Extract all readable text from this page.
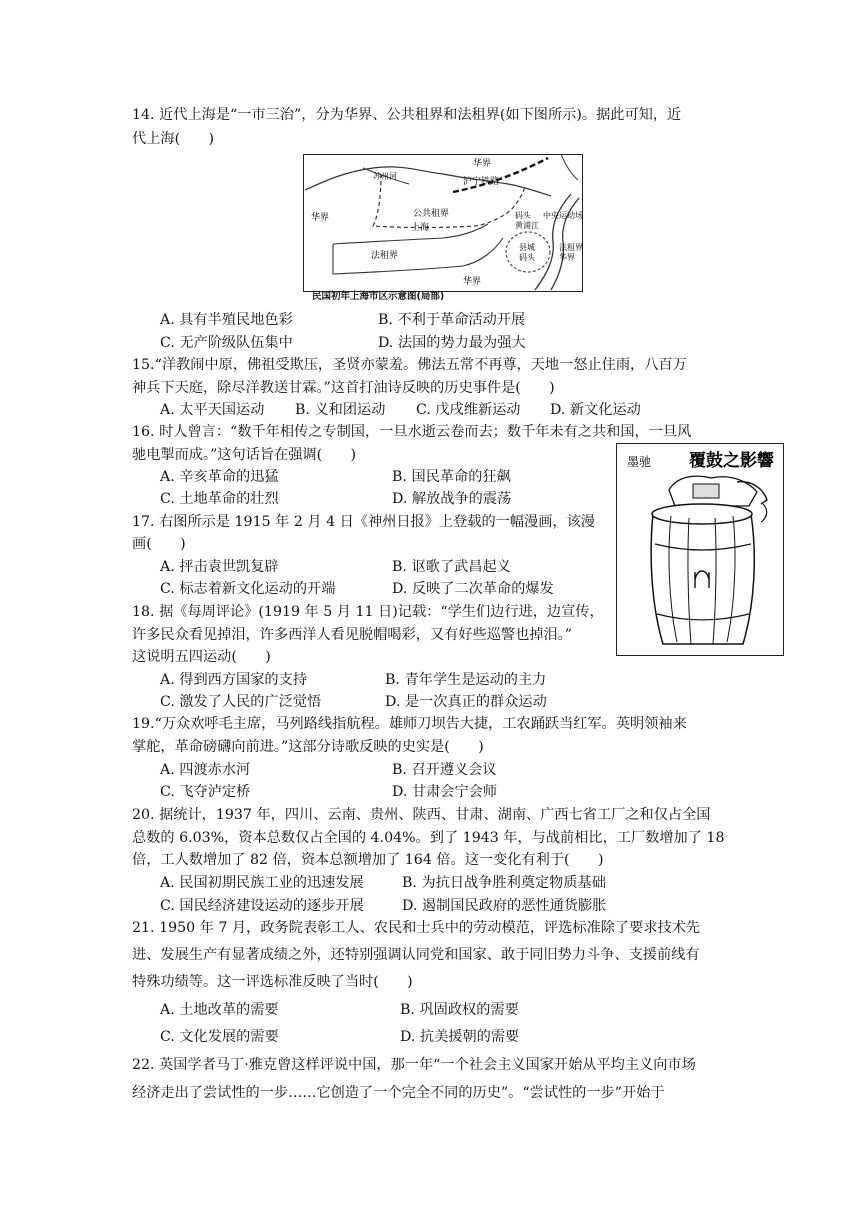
14. 近代上海是“一市三治”，分为华界、公共租界和法租界(如下图所示)。据此可知，近
代上海(　　)
华界
苏州河
沪宁铁路
华界	公共租界	码头
黄浦江
中央运动场
上海
县城
码头
法租界
华界
法租界
华界
民国初年上海市区示意图(局部)
A. 具有半殖民地色彩	B. 不利于革命活动开展
C. 无产阶级队伍集中	D. 法国的势力最为强大
15.“洋教闹中原，佛祖受欺压，圣贤亦蒙羞。佛法五常不再尊，天地一怒止住雨，八百万
神兵下天庭，除尽洋教送甘霖。”这首打油诗反映的历史事件是(　　)
A. 太平天国运动 B. 义和团运动 C. 戊戌维新运动 D. 新文化运动
16. 时人曾言：“数千年相传之专制国，一旦水逝云卷而去；数千年未有之共和国，一旦风
驰电掣而成。”这句话旨在强调(　　)
A. 辛亥革命的迅猛	B. 国民革命的狂飙
C. 土地革命的壮烈	D. 解放战争的震荡
覆鼓之影響
墨驰
17. 右图所示是 1915 年 2 月 4 日《神州日报》上登载的一幅漫画，该漫
画(　　)
A. 抨击袁世凯复辟	B. 讴歌了武昌起义
C. 标志着新文化运动的开端	D. 反映了二次革命的爆发
18. 据《每周评论》(1919 年 5 月 11 日)记载：“学生们边行进，边宣传，
许多民众看见掉泪，许多西洋人看见脱帽喝彩，又有好些巡警也掉泪。”
这说明五四运动(　　)
A. 得到西方国家的支持	B. 青年学生是运动的主力
C. 激发了人民的广泛觉悟	D. 是一次真正的群众运动
19.“万众欢呼毛主席，马列路线指航程。雄师刀坝告大捷，工农踊跃当红军。英明领袖来
掌舵，革命磅礴向前进。”这部分诗歌反映的史实是(　　)
A. 四渡赤水河	B. 召开遵义会议
C. 飞夺泸定桥	D. 甘肃会宁会师
20. 据统计，1937 年，四川、云南、贵州、陕西、甘肃、湖南、广西七省工厂之和仅占全国
总数的 6.03%，资本总数仅占全国的 4.04%。到了 1943 年，与战前相比，工厂数增加了 18
倍，工人数增加了 82 倍，资本总额增加了 164 倍。这一变化有利于(　　)
A. 民国初期民族工业的迅速发展	B. 为抗日战争胜利奠定物质基础
C. 国民经济建设运动的逐步开展	D. 遏制国民政府的恶性通货膨胀
21. 1950 年 7 月，政务院表彰工人、农民和士兵中的劳动模范，评选标准除了要求技术先
进、发展生产有显著成绩之外，还特别强调认同党和国家、敢于同旧势力斗争、支援前线有
特殊功绩等。这一评选标准反映了当时(　　)
A. 土地改革的需要	B. 巩固政权的需要
C. 文化发展的需要	D. 抗美援朝的需要
22. 英国学者马丁·雅克曾这样评说中国，那一年“一个社会主义国家开始从平均主义向市场
经济走出了尝试性的一步……它创造了一个完全不同的历史”。“尝试性的一步”开始于
